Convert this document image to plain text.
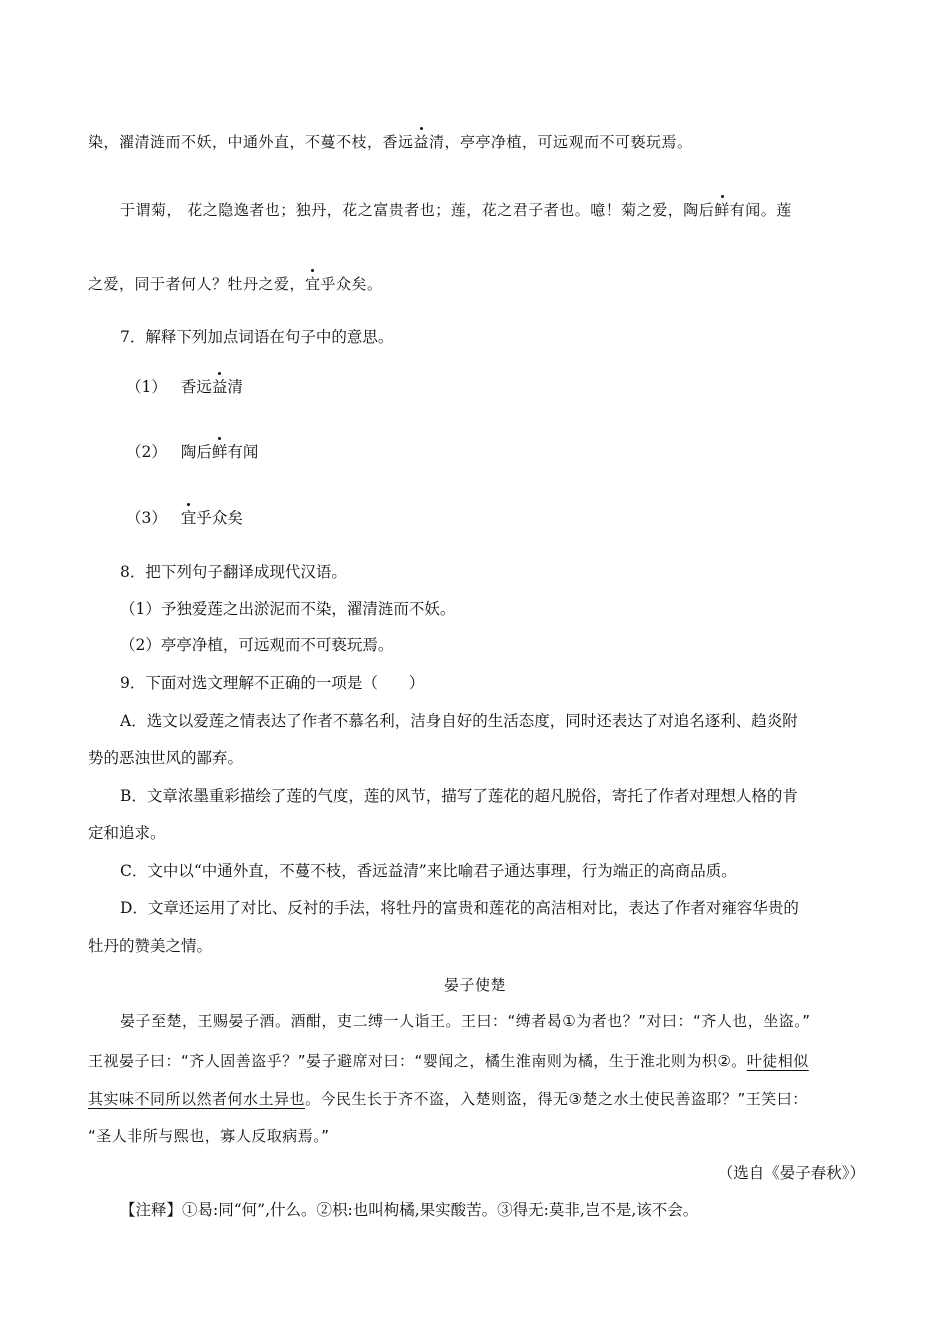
染，濯清涟而不妖，中通外直，不蔓不枝，香远益清，亭亭净植，可远观而不可亵玩焉。
于谓菊， 花之隐逸者也；独丹，花之富贵者也；莲，花之君子者也。噫！菊之爱，陶后鲜有闻。莲
之爱，同于者何人？牡丹之爱，宜乎众矣。
7．解释下列加点词语在句子中的意思。
（1） 香远益清
（2） 陶后鲜有闻
（3） 宜乎众矣
8．把下列句子翻译成现代汉语。
（1）予独爱莲之出淤泥而不染，濯清涟而不妖。
（2）亭亭净植，可远观而不可亵玩焉。
9．下面对选文理解不正确的一项是（　　）
A．选文以爱莲之情表达了作者不慕名利，洁身自好的生活态度，同时还表达了对追名逐利、趋炎附
势的恶浊世风的鄙弃。
B．文章浓墨重彩描绘了莲的气度，莲的风节，描写了莲花的超凡脱俗，寄托了作者对理想人格的肯
定和追求。
C．文中以“中通外直，不蔓不枝，香远益清”来比喻君子通达事理，行为端正的高商品质。
D．文章还运用了对比、反衬的手法，将牡丹的富贵和莲花的高洁相对比，表达了作者对雍容华贵的
牡丹的赞美之情。
晏子使楚
晏子至楚，王赐晏子酒。酒酣，吏二缚一人诣王。王曰：“缚者曷①为者也？”对曰：“齐人也，坐盗。”
王视晏子曰：“齐人固善盗乎？”晏子避席对曰：“婴闻之，橘生淮南则为橘，生于淮北则为枳②。叶徒相似
其实味不同所以然者何水土异也。今民生长于齐不盗，入楚则盗，得无③楚之水土使民善盗耶？”王笑曰：
“圣人非所与熙也，寡人反取病焉。”
（选自《晏子春秋》）
【注释】①曷:同“何”,什么。②枳:也叫枸橘,果实酸苦。③得无:莫非,岂不是,该不会。
